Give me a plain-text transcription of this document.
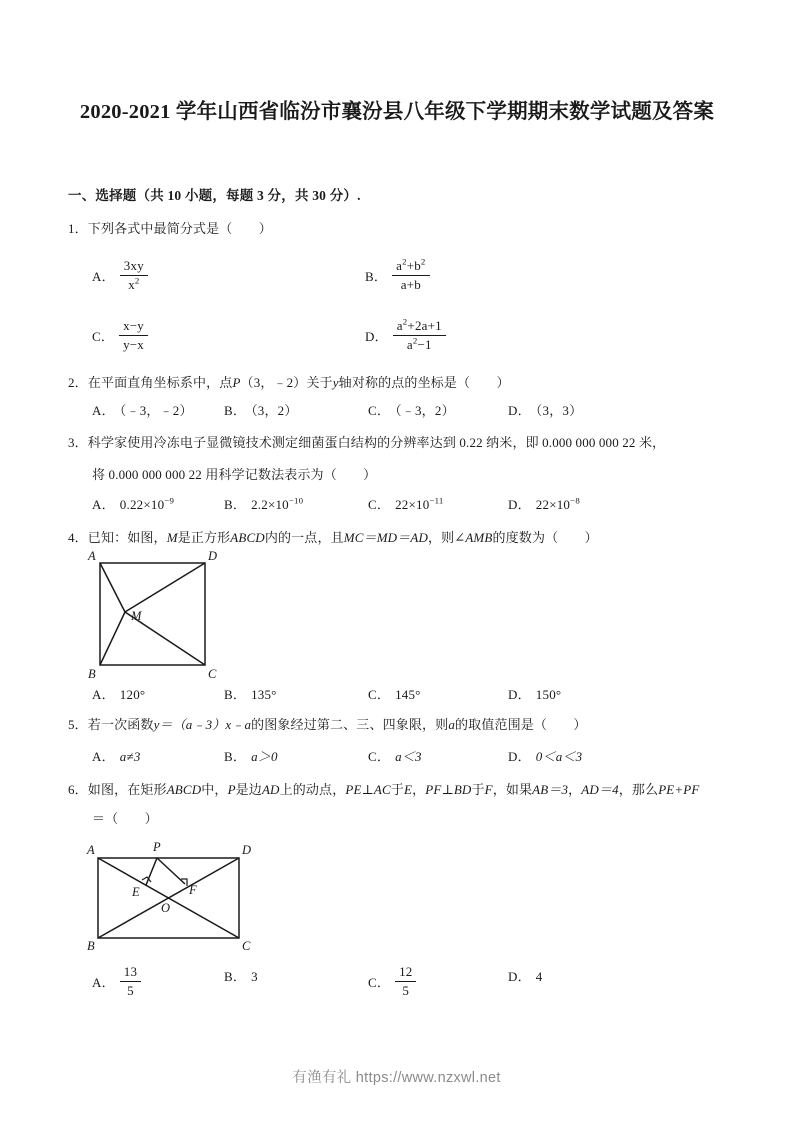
2020-2021 学年山西省临汾市襄汾县八年级下学期期末数学试题及答案
一、选择题（共 10 小题，每题 3 分，共 30 分）.
1．下列各式中最简分式是（　　）
A． $\frac{3xy}{x^2}$	B． $\frac{a^2+b^2}{a+b}$
C． $\frac{x-y}{y-x}$	D． $\frac{a^2+2a+1}{a^2-1}$
2．在平面直角坐标系中，点P（3，﹣2）关于y轴对称的点的坐标是（　　）
A． （﹣3，﹣2） B． （3，2）	C． （﹣3，2）	D． （3，3）
3．科学家使用冷冻电子显微镜技术测定细菌蛋白结构的分辨率达到 0.22 纳米，即 0.000 000 000 22 米，
将 0.000 000 000 22 用科学记数法表示为（　　）
A． $0.22\times 10^{-9}$	B． $2.2\times 10^{-10}$	C． $22\times 10^{-11}$	D． $22\times 10^{-8}$
4．已知：如图，M是正方形ABCD内的一点，且MC＝MD＝AD，则∠AMB的度数为（　　）
A	D
B	C
M
A． 120°	B． 135°	C． 145°	D． 150°
5．若一次函数y＝（a﹣3）x﹣a的图象经过第二、三、四象限，则a的取值范围是（　　）
A． a≠3	B． a＞0	C． a＜3	D． 0＜a＜3
6．如图，在矩形ABCD中，P是边AD上的动点，PE⊥AC于E，PF⊥BD于F，如果AB＝3，AD＝4，那么PE+PF
＝（　　）
A	D
B	C
P
E	F
O
A． $\frac{13}{5}$	B． 3	C． $\frac{12}{5}$	D． 4
有渔有礼 https://www.nzxwl.net
